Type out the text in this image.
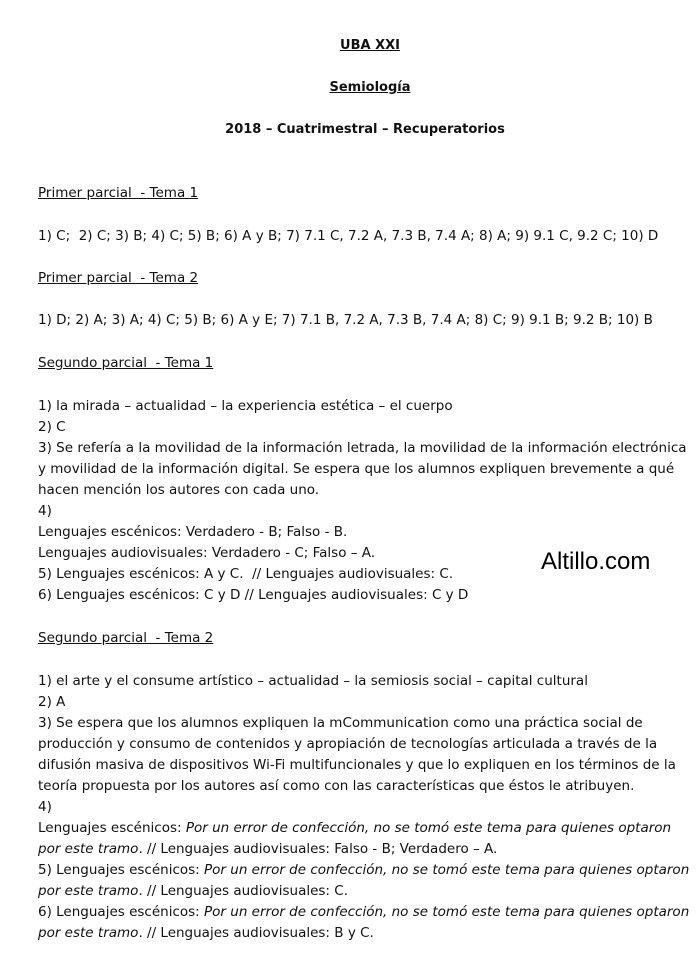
UBA XXI
Semiología
2018 – Cuatrimestral – Recuperatorios
Primer parcial  - Tema 1
1) C;  2) C; 3) B; 4) C; 5) B; 6) A y B; 7) 7.1 C, 7.2 A, 7.3 B, 7.4 A; 8) A; 9) 9.1 C, 9.2 C; 10) D
Primer parcial  - Tema 2
1) D; 2) A; 3) A; 4) C; 5) B; 6) A y E; 7) 7.1 B, 7.2 A, 7.3 B, 7.4 A; 8) C; 9) 9.1 B; 9.2 B; 10) B
Segundo parcial  - Tema 1
1) la mirada – actualidad – la experiencia estética – el cuerpo
2) C
3) Se refería a la movilidad de la información letrada, la movilidad de la información electrónica y movilidad de la información digital. Se espera que los alumnos expliquen brevemente a qué hacen mención los autores con cada uno.
4)
Lenguajes escénicos: Verdadero - B; Falso - B.
Lenguajes audiovisuales: Verdadero - C; Falso – A.
5) Lenguajes escénicos: A y C.  // Lenguajes audiovisuales: C.
6) Lenguajes escénicos: C y D // Lenguajes audiovisuales: C y D
Segundo parcial  - Tema 2
1) el arte y el consume artístico – actualidad – la semiosis social – capital cultural
2) A
3) Se espera que los alumnos expliquen la mCommunication como una práctica social de producción y consumo de contenidos y apropiación de tecnologías articulada a través de la difusión masiva de dispositivos Wi-Fi multifuncionales y que lo expliquen en los términos de la teoría propuesta por los autores así como con las características que éstos le atribuyen.
4)
Lenguajes escénicos: Por un error de confección, no se tomó este tema para quienes optaron por este tramo. // Lenguajes audiovisuales: Falso - B; Verdadero – A.
5) Lenguajes escénicos: Por un error de confección, no se tomó este tema para quienes optaron por este tramo. // Lenguajes audiovisuales: C.
6) Lenguajes escénicos: Por un error de confección, no se tomó este tema para quienes optaron por este tramo. // Lenguajes audiovisuales: B y C.
Altillo.com
